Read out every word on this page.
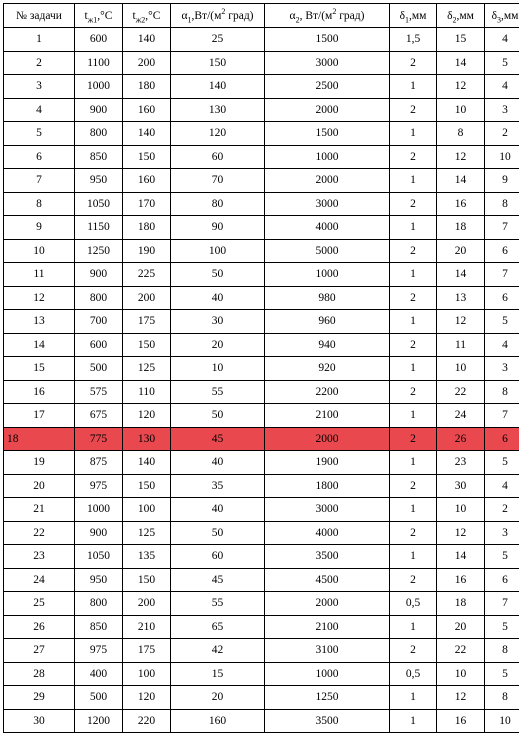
№ задачи	$t_{ж1},^\circ C$	$t_{ж2},^\circ C$	$\alpha_1,Вт/(м^2$ град)	$\alpha_2$, $Вт/(м^2$ град)	$\delta_1,мм$	$\delta_2,мм$	$\delta_3,мм$
1	600	140	25	1500	1,5	15	4
2	1100	200	150	3000	2	14	5
3	1000	180	140	2500	1	12	4
4	900	160	130	2000	2	10	3
5	800	140	120	1500	1	8	2
6	850	150	60	1000	2	12	10
7	950	160	70	2000	1	14	9
8	1050	170	80	3000	2	16	8
9	1150	180	90	4000	1	18	7
10	1250	190	100	5000	2	20	6
11	900	225	50	1000	1	14	7
12	800	200	40	980	2	13	6
13	700	175	30	960	1	12	5
14	600	150	20	940	2	11	4
15	500	125	10	920	1	10	3
16	575	110	55	2200	2	22	8
17	675	120	50	2100	1	24	7
18	775	130	45	2000	2	26	6
19	875	140	40	1900	1	23	5
20	975	150	35	1800	2	30	4
21	1000	100	40	3000	1	10	2
22	900	125	50	4000	2	12	3
23	1050	135	60	3500	1	14	5
24	950	150	45	4500	2	16	6
25	800	200	55	2000	0,5	18	7
26	850	210	65	2100	1	20	5
27	975	175	42	3100	2	22	8
28	400	100	15	1000	0,5	10	5
29	500	120	20	1250	1	12	8
30	1200	220	160	3500	1	16	10
